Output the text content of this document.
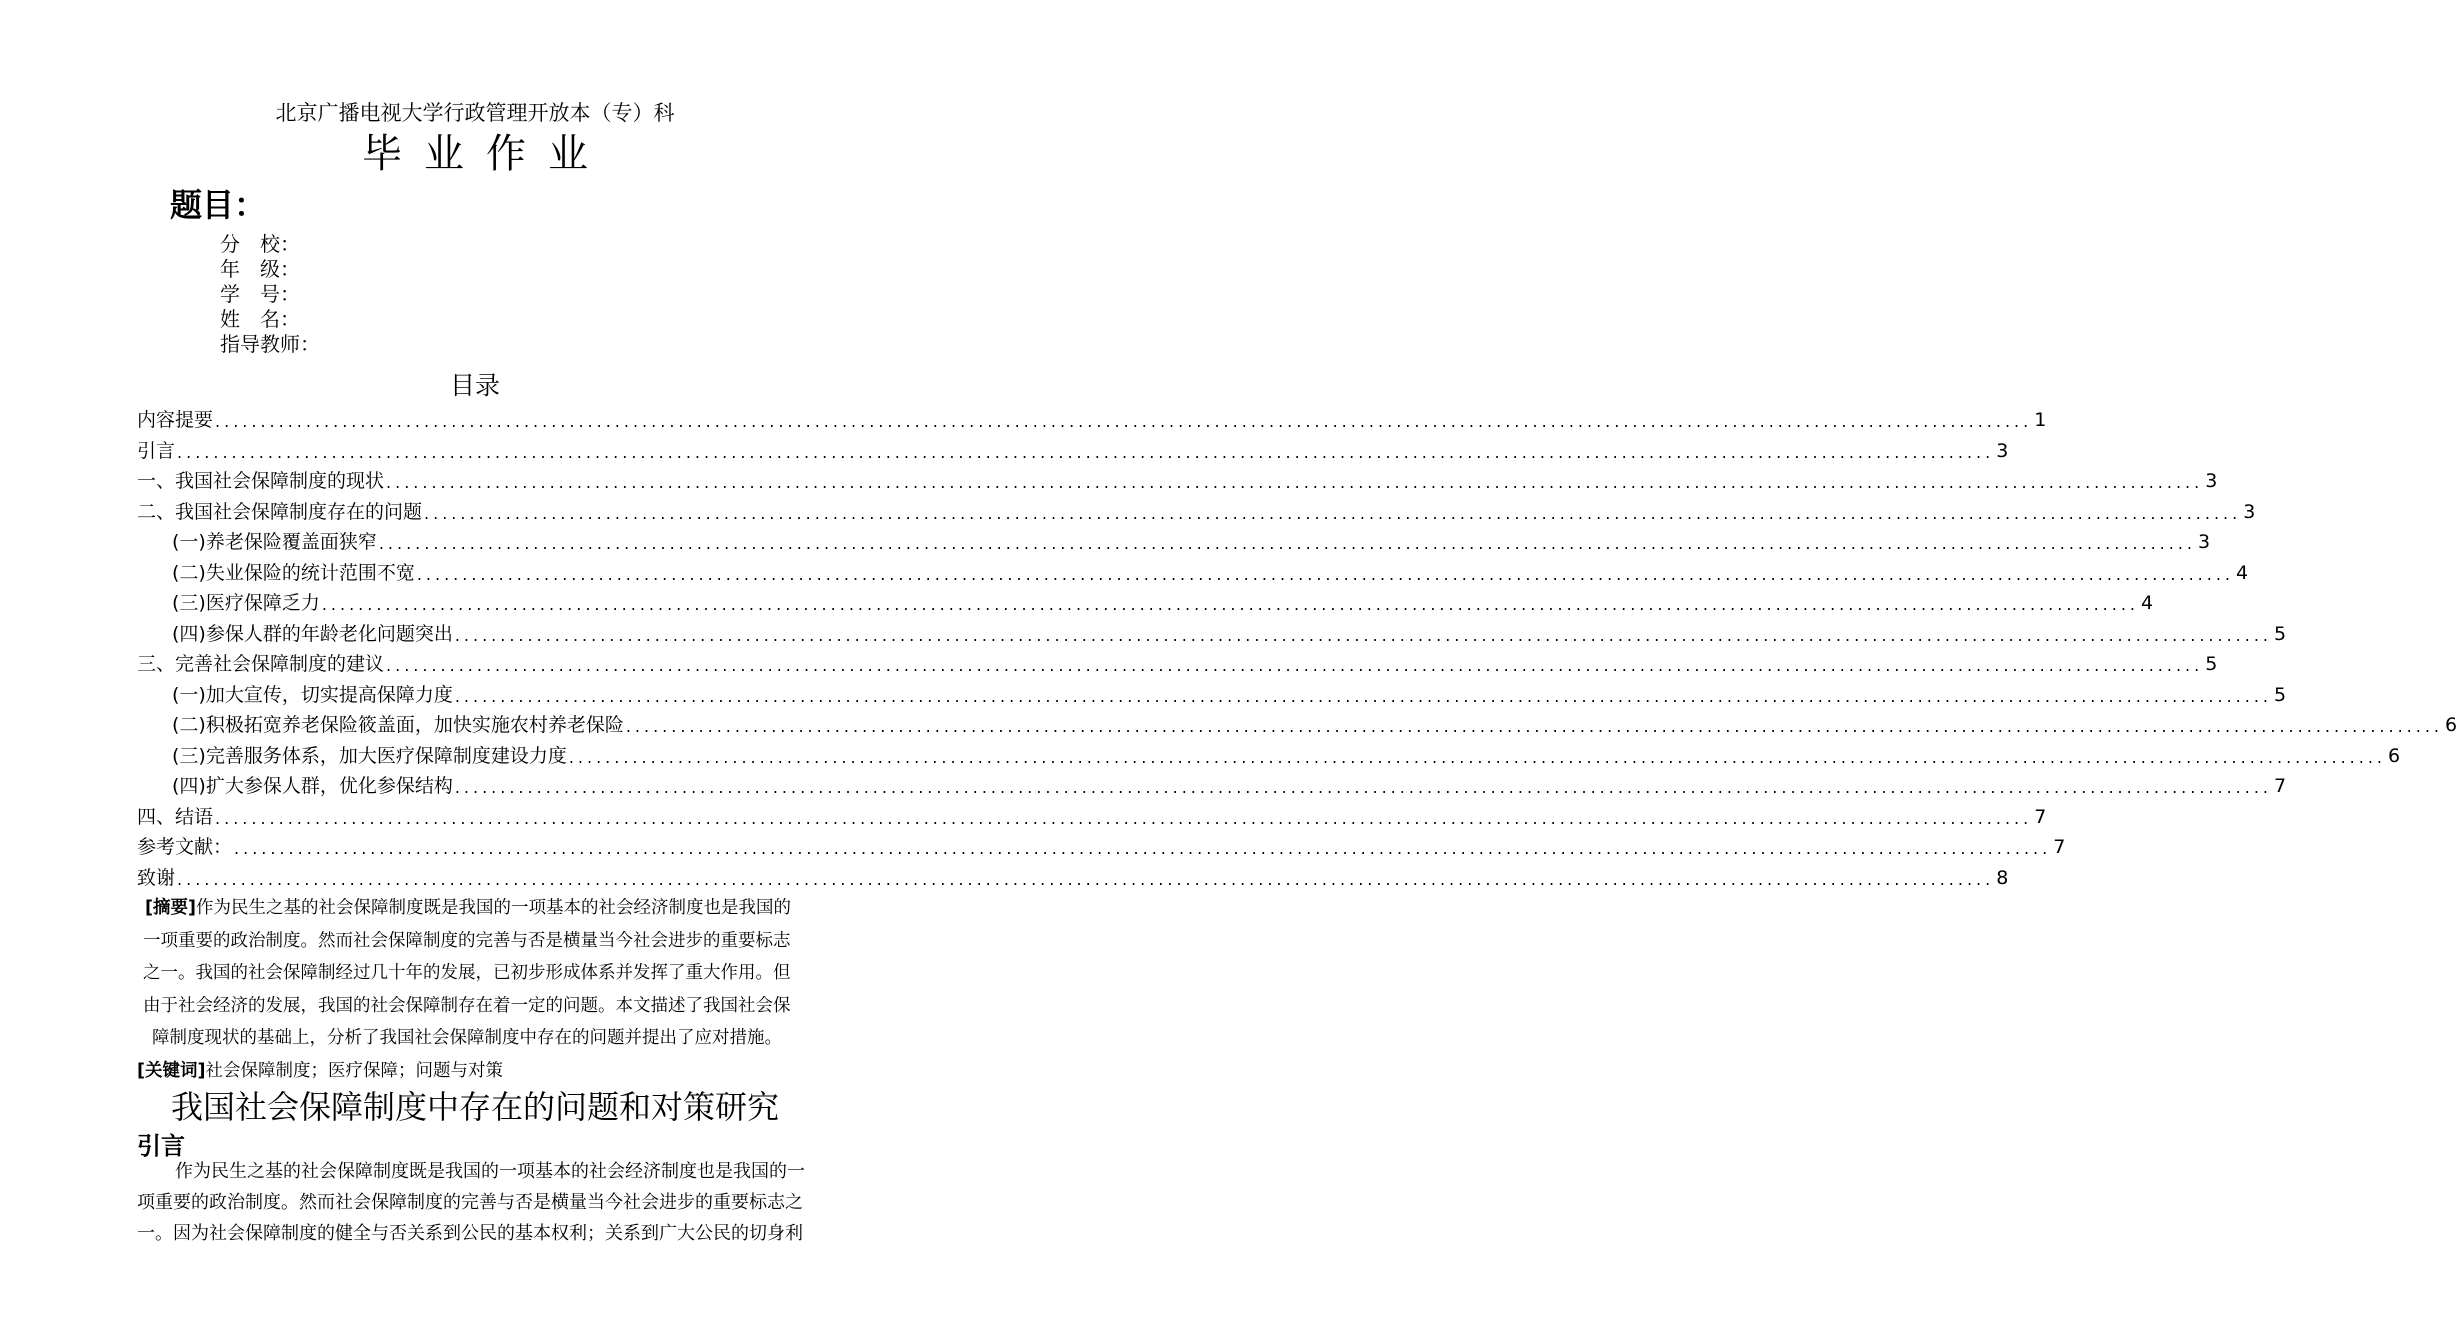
北京广播电视大学行政管理开放本（专）科
毕业作业
题目：
分　校：
年　级：
学　号：
姓　名：
指导教师：
目录
内容提要 ........................................................................................................................................................................................................ 1
引言 ........................................................................................................................................................................................................ 3
一、我国社会保障制度的现状 ........................................................................................................................................................................................................ 3
二、我国社会保障制度存在的问题 ........................................................................................................................................................................................................ 3
(一)养老保险覆盖面狭窄 ........................................................................................................................................................................................................ 3
(二)失业保险的统计范围不宽 ........................................................................................................................................................................................................ 4
(三)医疗保障乏力 ........................................................................................................................................................................................................ 4
(四)参保人群的年龄老化问题突出 ........................................................................................................................................................................................................ 5
三、完善社会保障制度的建议 ........................................................................................................................................................................................................ 5
(一)加大宣传，切实提高保障力度 ........................................................................................................................................................................................................ 5
(二)积极拓宽养老保险筱盖面，加快实施农村养老保险 ........................................................................................................................................................................................................ 6
(三)完善服务体系，加大医疗保障制度建设力度 ........................................................................................................................................................................................................ 6
(四)扩大参保人群，优化参保结构 ........................................................................................................................................................................................................ 7
四、结语 ........................................................................................................................................................................................................ 7
参考文献： ........................................................................................................................................................................................................ 7
致谢 ........................................................................................................................................................................................................ 8
[摘要]作为民生之基的社会保障制度既是我国的一项基本的社会经济制度也是我国的
一项重要的政治制度。然而社会保障制度的完善与否是横量当今社会进步的重要标志
之一。我国的社会保障制经过几十年的发展，已初步形成体系并发挥了重大作用。但
由于社会经济的发展，我国的社会保障制存在着一定的问题。本文描述了我国社会保
障制度现状的基础上，分析了我国社会保障制度中存在的问题并提出了应对措施。
[关键词]社会保障制度；医疗保障；问题与对策
我国社会保障制度中存在的问题和对策研究
引言
作为民生之基的社会保障制度既是我国的一项基本的社会经济制度也是我国的一
项重要的政治制度。然而社会保障制度的完善与否是横量当今社会进步的重要标志之
一。因为社会保障制度的健全与否关系到公民的基本权利；关系到广大公民的切身利
